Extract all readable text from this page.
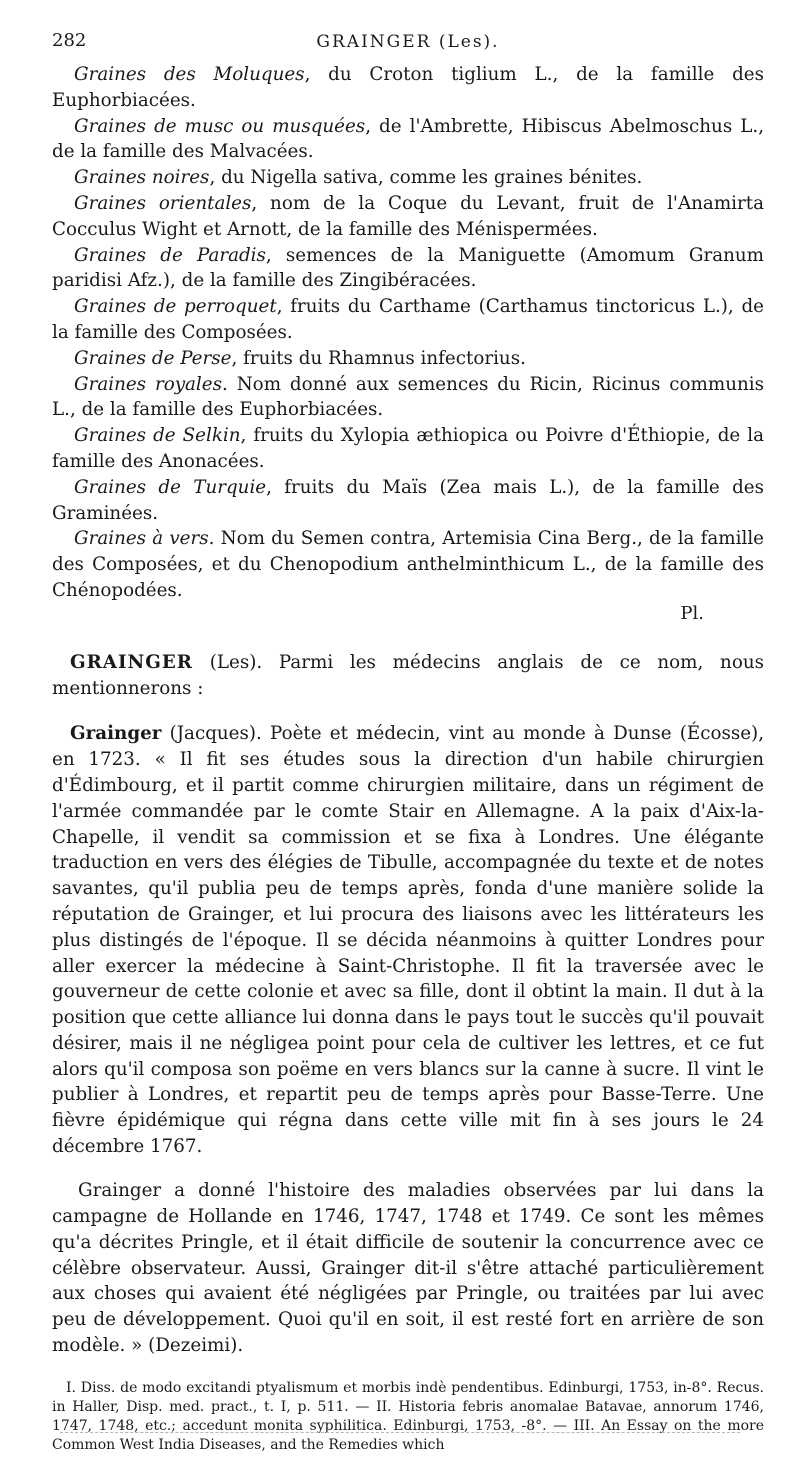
282	GRAINGER (Les).

Graines des Moluques, du Croton tiglium L., de la famille des Euphorbiacées.

Graines de musc ou musquées, de l'Ambrette, Hibiscus Abelmoschus L., de la famille des Malvacées.

Graines noires, du Nigella sativa, comme les graines bénites.

Graines orientales, nom de la Coque du Levant, fruit de l'Anamirta Cocculus Wight et Arnott, de la famille des Ménispermées.

Graines de Paradis, semences de la Maniguette (Amomum Granum paridisi Afz.), de la famille des Zingibéracées.

Graines de perroquet, fruits du Carthame (Carthamus tinctoricus L.), de la famille des Composées.

Graines de Perse, fruits du Rhamnus infectorius.

Graines royales. Nom donné aux semences du Ricin, Ricinus communis L., de la famille des Euphorbiacées.

Graines de Selkin, fruits du Xylopia æthiopica ou Poivre d'Éthiopie, de la famille des Anonacées.

Graines de Turquie, fruits du Maïs (Zea mais L.), de la famille des Graminées.

Graines à vers. Nom du Semen contra, Artemisia Cina Berg., de la famille des Composées, et du Chenopodium anthelminthicum L., de la famille des Chénopodées.

Pl.

GRAINGER (Les). Parmi les médecins anglais de ce nom, nous mentionnerons :

Grainger (Jacques). Poète et médecin, vint au monde à Dunse (Écosse), en 1723. « Il fit ses études sous la direction d'un habile chirurgien d'Édimbourg, et il partit comme chirurgien militaire, dans un régiment de l'armée commandée par le comte Stair en Allemagne. A la paix d'Aix-la-Chapelle, il vendit sa commission et se fixa à Londres. Une élégante traduction en vers des élégies de Tibulle, accompagnée du texte et de notes savantes, qu'il publia peu de temps après, fonda d'une manière solide la réputation de Grainger, et lui procura des liaisons avec les littérateurs les plus distingés de l'époque. Il se décida néanmoins à quitter Londres pour aller exercer la médecine à Saint-Christophe. Il fit la traversée avec le gouverneur de cette colonie et avec sa fille, dont il obtint la main. Il dut à la position que cette alliance lui donna dans le pays tout le succès qu'il pouvait désirer, mais il ne négligea point pour cela de cultiver les lettres, et ce fut alors qu'il composa son poëme en vers blancs sur la canne à sucre. Il vint le publier à Londres, et repartit peu de temps après pour Basse-Terre. Une fièvre épidémique qui régna dans cette ville mit fin à ses jours le 24 décembre 1767.

Grainger a donné l'histoire des maladies observées par lui dans la campagne de Hollande en 1746, 1747, 1748 et 1749. Ce sont les mêmes qu'a décrites Pringle, et il était difficile de soutenir la concurrence avec ce célèbre observateur. Aussi, Grainger dit-il s'être attaché particulièrement aux choses qui avaient été négligées par Pringle, ou traitées par lui avec peu de développement. Quoi qu'il en soit, il est resté fort en arrière de son modèle. » (Dezeimi).

I. Diss. de modo excitandi ptyalismum et morbis indè pendentibus. Edinburgi, 1753, in-8°. Recus. in Haller, Disp. med. pract., t. I, p. 511. — II. Historia febris anomalae Batavae, annorum 1746, 1747, 1748, etc.; accedunt monita syphilitica. Edinburgi, 1753, -8°. — III. An Essay on the more Common West India Diseases, and the Remedies which
